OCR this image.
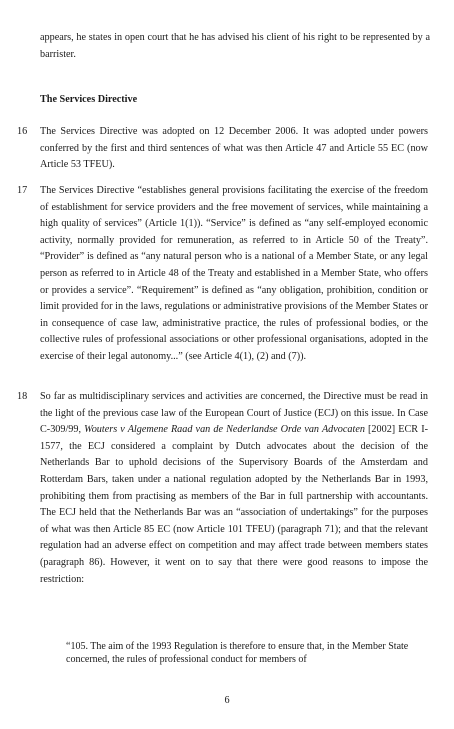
appears, he states in open court that he has advised his client of his right to be represented by a barrister.

The Services Directive

16 The Services Directive was adopted on 12 December 2006. It was adopted under powers conferred by the first and third sentences of what was then Article 47 and Article 55 EC (now Article 53 TFEU).

17 The Services Directive “establishes general provisions facilitating the exercise of the freedom of establishment for service providers and the free movement of services, while maintaining a high quality of services” (Article 1(1)). “Service” is defined as “any self-employed economic activity, normally provided for remuneration, as referred to in Article 50 of the Treaty”. “Provider” is defined as “any natural person who is a national of a Member State, or any legal person as referred to in Article 48 of the Treaty and established in a Member State, who offers or provides a service”. “Requirement” is defined as “any obligation, prohibition, condition or limit provided for in the laws, regulations or administrative provisions of the Member States or in consequence of case law, administrative practice, the rules of professional bodies, or the collective rules of professional associations or other professional organisations, adopted in the exercise of their legal autonomy...” (see Article 4(1), (2) and (7)).

18 So far as multidisciplinary services and activities are concerned, the Directive must be read in the light of the previous case law of the European Court of Justice (ECJ) on this issue. In Case C-309/99, Wouters v Algemene Raad van de Nederlandse Orde van Advocaten [2002] ECR I-1577, the ECJ considered a complaint by Dutch advocates about the decision of the Netherlands Bar to uphold decisions of the Supervisory Boards of the Amsterdam and Rotterdam Bars, taken under a national regulation adopted by the Netherlands Bar in 1993, prohibiting them from practising as members of the Bar in full partnership with accountants. The ECJ held that the Netherlands Bar was an “association of undertakings” for the purposes of what was then Article 85 EC (now Article 101 TFEU) (paragraph 71); and that the relevant regulation had an adverse effect on competition and may affect trade between members states (paragraph 86). However, it went on to say that there were good reasons to impose the restriction:

“105. The aim of the 1993 Regulation is therefore to ensure that, in the Member State concerned, the rules of professional conduct for members of

6
